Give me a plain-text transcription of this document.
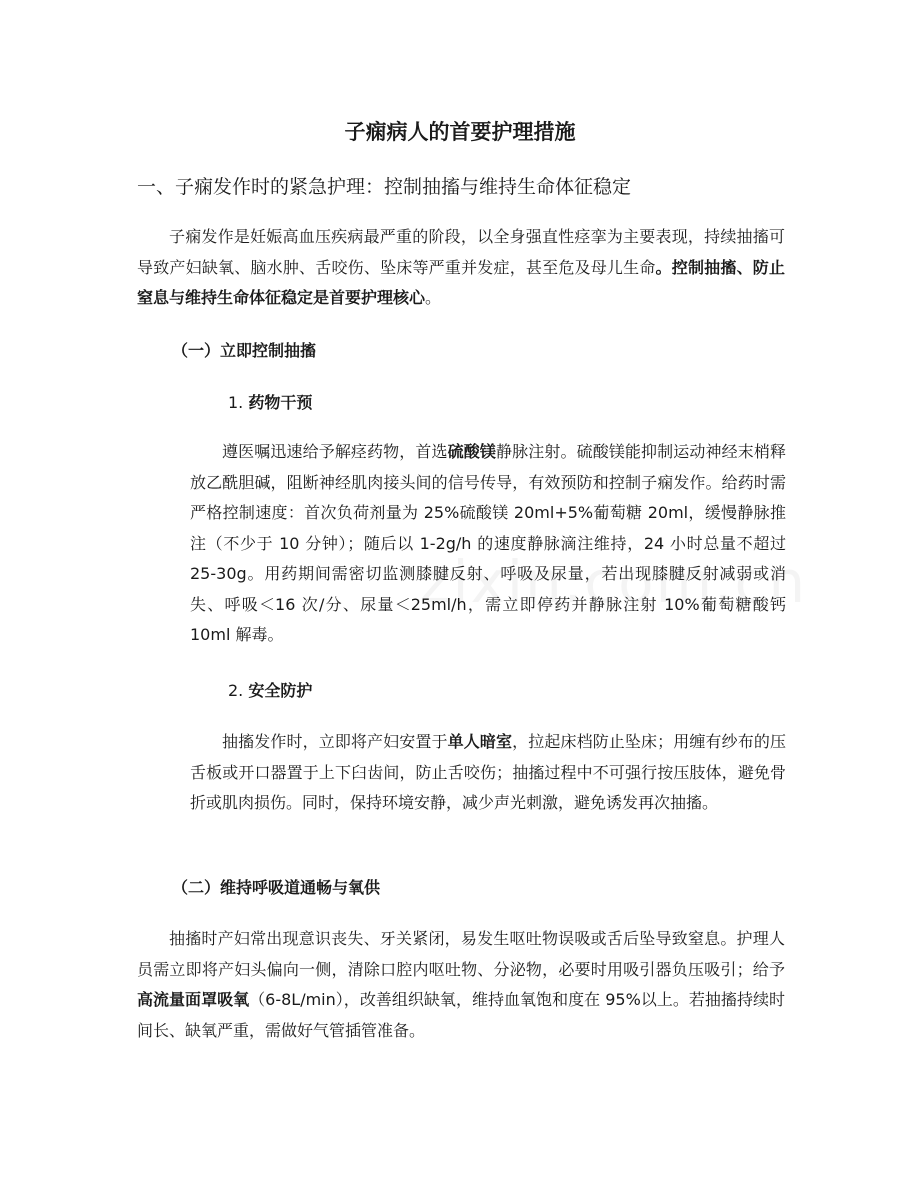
子痫病人的首要护理措施
一、子痫发作时的紧急护理：控制抽搐与维持生命体征稳定
子痫发作是妊娠高血压疾病最严重的阶段，以全身强直性痉挛为主要表现，持续抽搐可导致产妇缺氧、脑水肿、舌咬伤、坠床等严重并发症，甚至危及母儿生命。控制抽搐、防止窒息与维持生命体征稳定是首要护理核心。
（一）立即控制抽搐
1. 药物干预
遵医嘱迅速给予解痉药物，首选硫酸镁静脉注射。硫酸镁能抑制运动神经末梢释放乙酰胆碱，阻断神经肌肉接头间的信号传导，有效预防和控制子痫发作。给药时需严格控制速度：首次负荷剂量为 25%硫酸镁 20ml+5%葡萄糖 20ml，缓慢静脉推注（不少于 10 分钟）；随后以 1-2g/h 的速度静脉滴注维持，24 小时总量不超过 25-30g。用药期间需密切监测膝腱反射、呼吸及尿量，若出现膝腱反射减弱或消失、呼吸＜16 次/分、尿量＜25ml/h，需立即停药并静脉注射 10%葡萄糖酸钙 10ml 解毒。
2. 安全防护
抽搐发作时，立即将产妇安置于单人暗室，拉起床档防止坠床；用缠有纱布的压舌板或开口器置于上下臼齿间，防止舌咬伤；抽搐过程中不可强行按压肢体，避免骨折或肌肉损伤。同时，保持环境安静，减少声光刺激，避免诱发再次抽搐。
（二）维持呼吸道通畅与氧供
抽搐时产妇常出现意识丧失、牙关紧闭，易发生呕吐物误吸或舌后坠导致窒息。护理人员需立即将产妇头偏向一侧，清除口腔内呕吐物、分泌物，必要时用吸引器负压吸引；给予高流量面罩吸氧（6-8L/min），改善组织缺氧，维持血氧饱和度在 95%以上。若抽搐持续时间长、缺氧严重，需做好气管插管准备。
